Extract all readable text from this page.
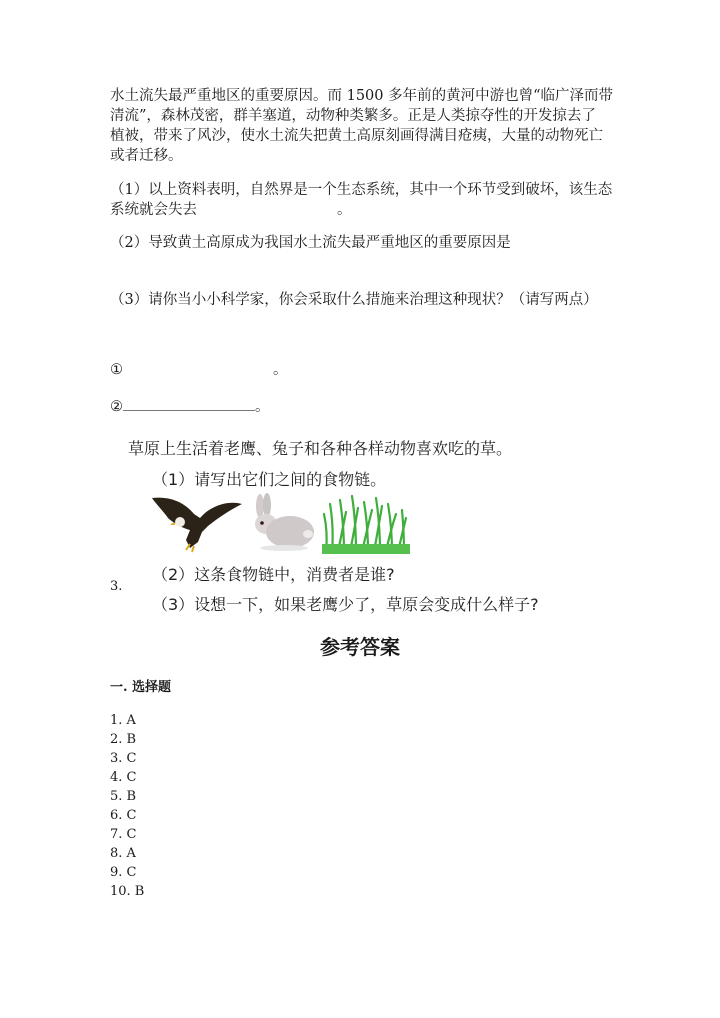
水土流失最严重地区的重要原因。而 1500 多年前的黄河中游也曾“临广泽而带
清流”，森林茂密，群羊塞道，动物种类繁多。正是人类掠夺性的开发掠去了
植被，带来了风沙，使水土流失把黄土高原刻画得满目疮痍，大量的动物死亡
或者迁移。
（1）以上资料表明，自然界是一个生态系统，其中一个环节受到破坏，该生态
系统就会失去	。
（2）导致黄土高原成为我国水土流失最严重地区的重要原因是
（3）请你当小小科学家，你会采取什么措施来治理这种现状？（请写两点）
①	。
②	。
草原上生活着老鹰、兔子和各种各样动物喜欢吃的草。
（1）请写出它们之间的食物链。
3.
（2）这条食物链中，消费者是谁?
（3）设想一下，如果老鹰少了，草原会变成什么样子?
参考答案
一. 选择题
1. A
2. B
3. C
4. C
5. B
6. C
7. C
8. A
9. C
10. B
